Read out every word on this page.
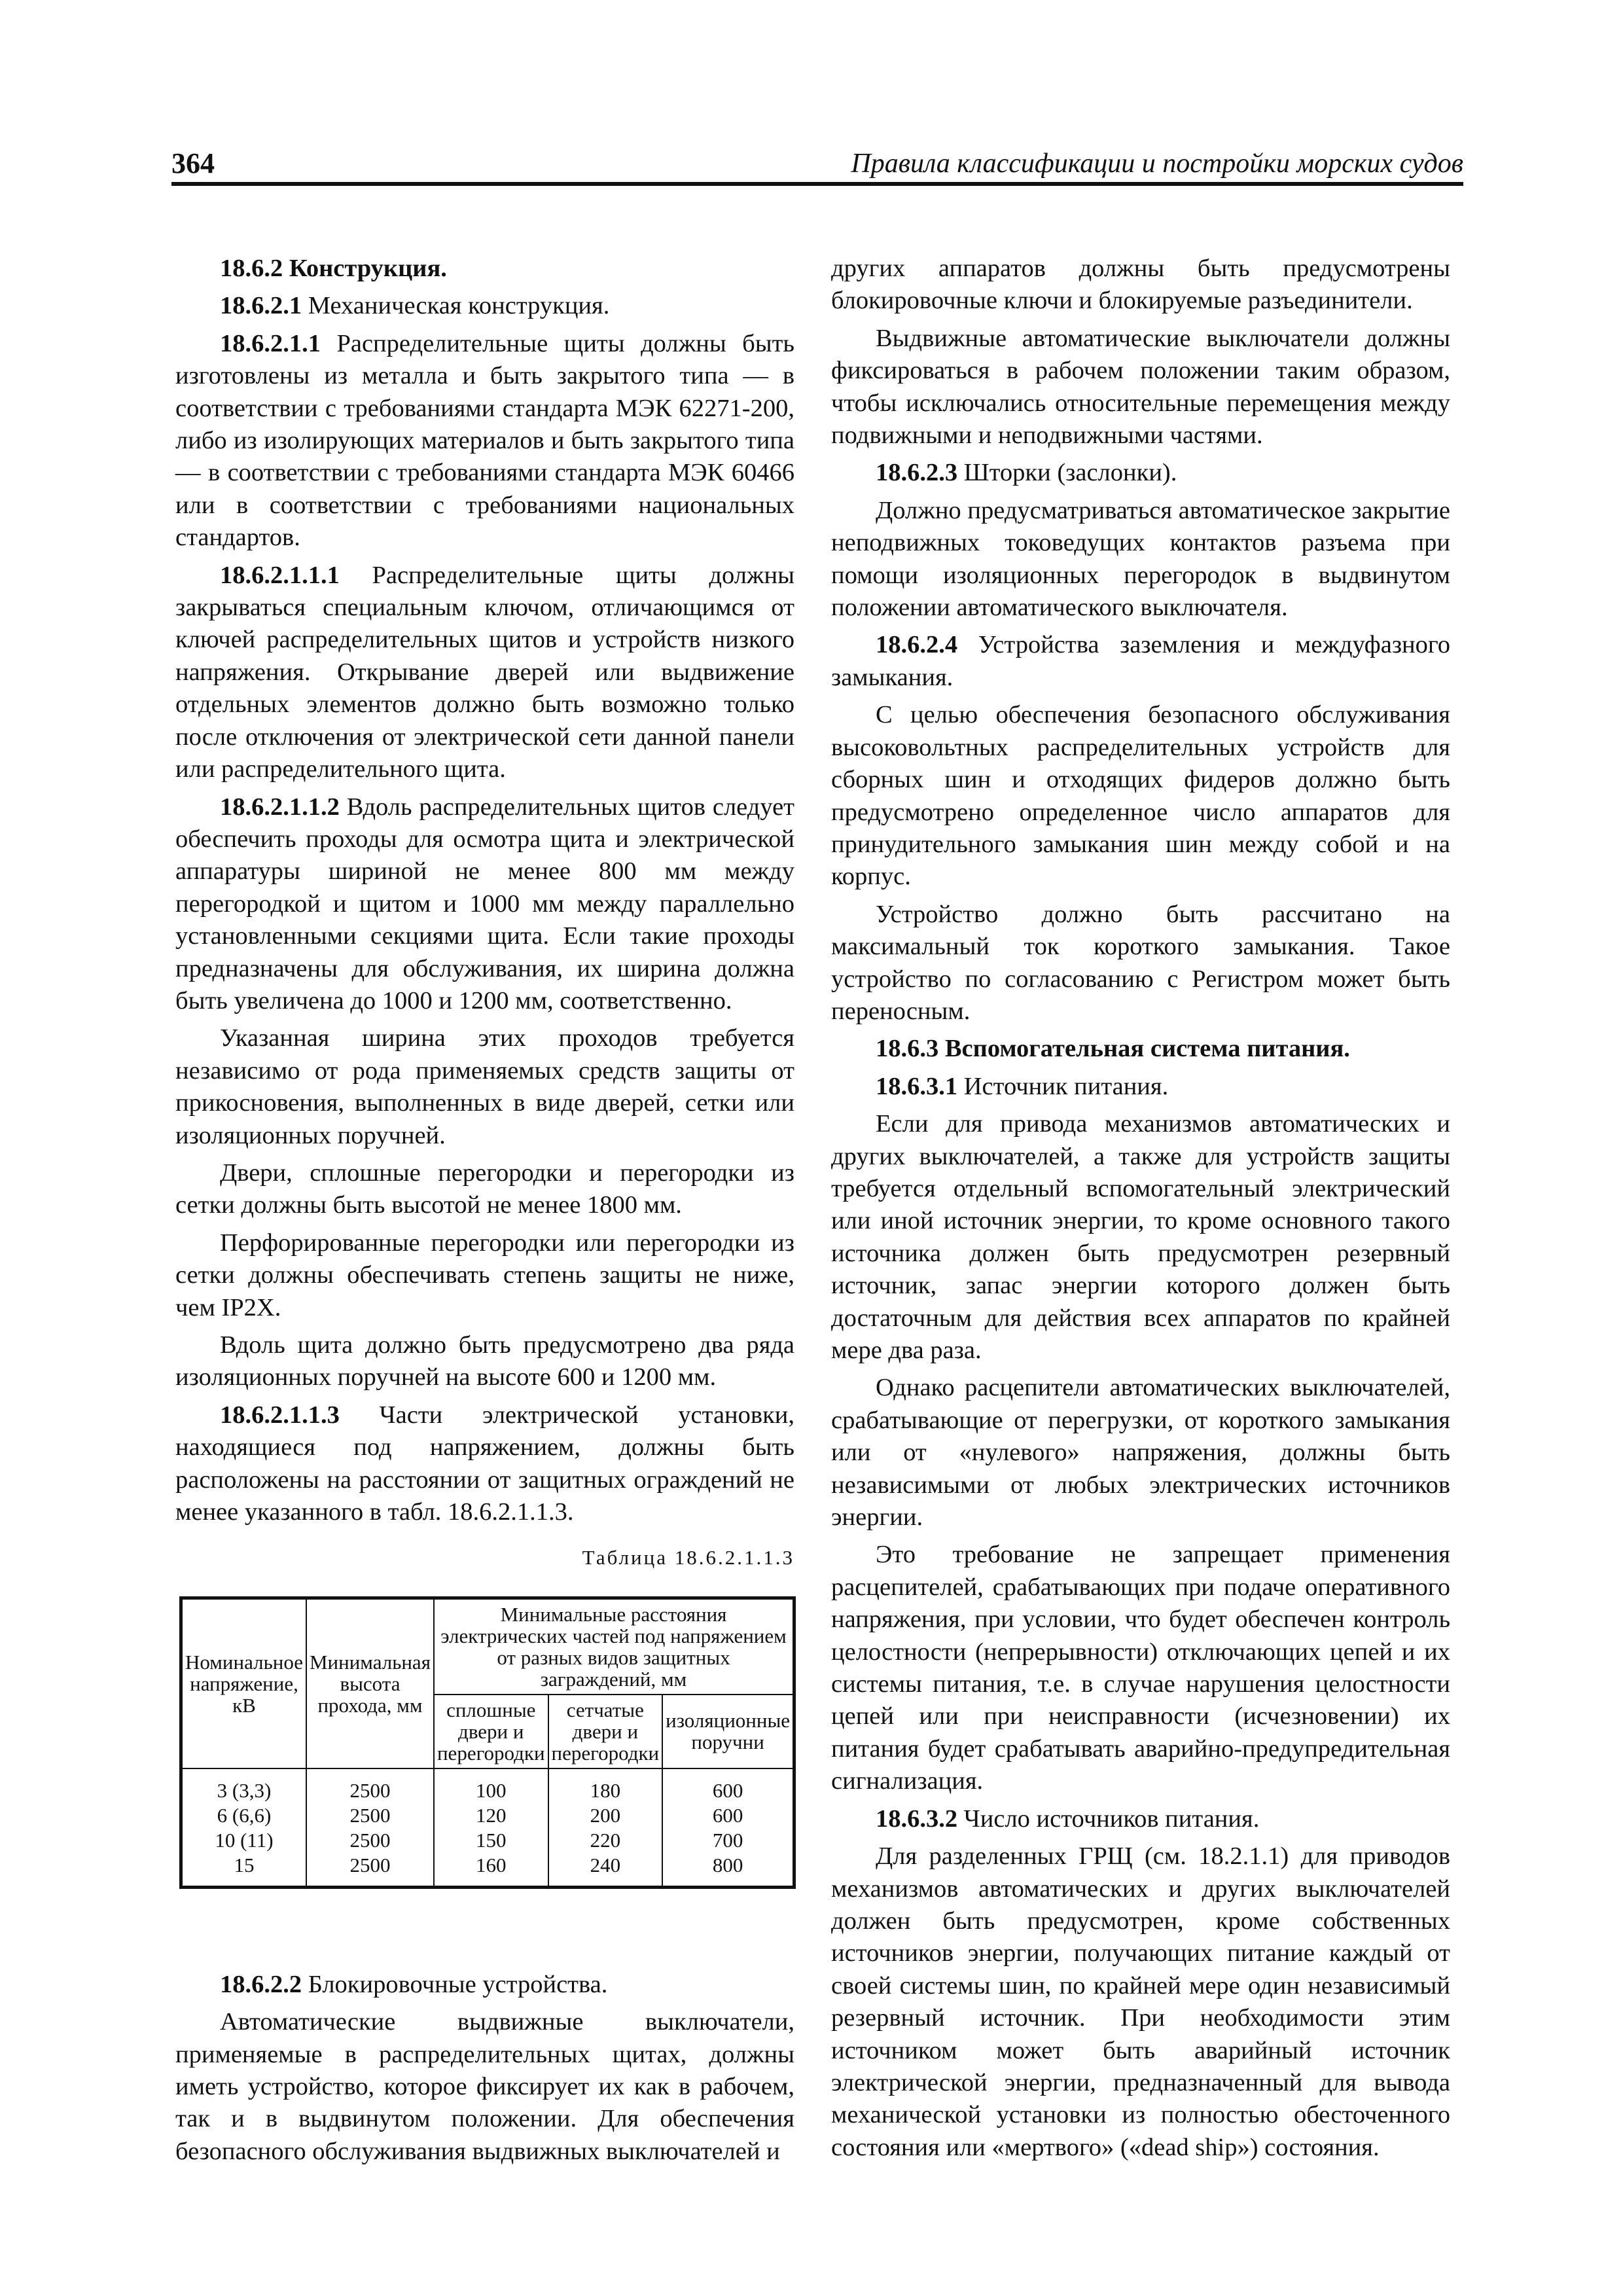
364	Правила классификации и постройки морских судов

18.6.2 Конструкция.

18.6.2.1 Механическая конструкция.

18.6.2.1.1 Распределительные щиты должны быть изготовлены из металла и быть закрытого типа — в соответствии с требованиями стандарта МЭК 62271-200, либо из изолирующих материалов и быть закрытого типа — в соответствии с требованиями стандарта МЭК 60466 или в соответствии с требованиями национальных стандартов.

18.6.2.1.1.1 Распределительные щиты должны закрываться специальным ключом, отличающимся от ключей распределительных щитов и устройств низкого напряжения. Открывание дверей или выдвижение отдельных элементов должно быть возможно только после отключения от электрической сети данной панели или распределительного щита.

18.6.2.1.1.2 Вдоль распределительных щитов следует обеспечить проходы для осмотра щита и электрической аппаратуры шириной не менее 800 мм между перегородкой и щитом и 1000 мм между параллельно установленными секциями щита. Если такие проходы предназначены для обслуживания, их ширина должна быть увеличена до 1000 и 1200 мм, соответственно.

Указанная ширина этих проходов требуется независимо от рода применяемых средств защиты от прикосновения, выполненных в виде дверей, сетки или изоляционных поручней.

Двери, сплошные перегородки и перегородки из сетки должны быть высотой не менее 1800 мм.

Перфорированные перегородки или перегородки из сетки должны обеспечивать степень защиты не ниже, чем IP2X.

Вдоль щита должно быть предусмотрено два ряда изоляционных поручней на высоте 600 и 1200 мм.

18.6.2.1.1.3 Части электрической установки, находящиеся под напряжением, должны быть расположены на расстоянии от защитных ограждений не менее указанного в табл. 18.6.2.1.1.3.

Таблица 18.6.2.1.1.3
Номинальное напряжение, кВ	Минимальная высота прохода, мм	Минимальные расстояния электрических частей под напряжением от разных видов защитных заграждений, мм		
		сплошные двери и перегородки	сетчатые двери и перегородки	изоляционные поручни
3 (3,3)	2500	100	180	600
6 (6,6)	2500	120	200	600
10 (11)	2500	150	220	700
15	2500	160	240	800

18.6.2.2 Блокировочные устройства.

Автоматические выдвижные выключатели, применяемые в распределительных щитах, должны иметь устройство, которое фиксирует их как в рабочем, так и в выдвинутом положении. Для обеспечения безопасного обслуживания выдвижных выключателей и

других аппаратов должны быть предусмотрены блокировочные ключи и блокируемые разъединители.

Выдвижные автоматические выключатели должны фиксироваться в рабочем положении таким образом, чтобы исключались относительные перемещения между подвижными и неподвижными частями.

18.6.2.3 Шторки (заслонки).

Должно предусматриваться автоматическое закрытие неподвижных токоведущих контактов разъема при помощи изоляционных перегородок в выдвинутом положении автоматического выключателя.

18.6.2.4 Устройства заземления и междуфазного замыкания.

С целью обеспечения безопасного обслуживания высоковольтных распределительных устройств для сборных шин и отходящих фидеров должно быть предусмотрено определенное число аппаратов для принудительного замыкания шин между собой и на корпус.

Устройство должно быть рассчитано на максимальный ток короткого замыкания. Такое устройство по согласованию с Регистром может быть переносным.

18.6.3 Вспомогательная система питания.

18.6.3.1 Источник питания.

Если для привода механизмов автоматических и других выключателей, а также для устройств защиты требуется отдельный вспомогательный электрический или иной источник энергии, то кроме основного такого источника должен быть предусмотрен резервный источник, запас энергии которого должен быть достаточным для действия всех аппаратов по крайней мере два раза.

Однако расцепители автоматических выключателей, срабатывающие от перегрузки, от короткого замыкания или от «нулевого» напряжения, должны быть независимыми от любых электрических источников энергии.

Это требование не запрещает применения расцепителей, срабатывающих при подаче оперативного напряжения, при условии, что будет обеспечен контроль целостности (непрерывности) отключающих цепей и их системы питания, т.е. в случае нарушения целостности цепей или при неисправности (исчезновении) их питания будет срабатывать аварийно-предупредительная сигнализация.

18.6.3.2 Число источников питания.

Для разделенных ГРЩ (см. 18.2.1.1) для приводов механизмов автоматических и других выключателей должен быть предусмотрен, кроме собственных источников энергии, получающих питание каждый от своей системы шин, по крайней мере один независимый резервный источник. При необходимости этим источником может быть аварийный источник электрической энергии, предназначенный для вывода механической установки из полностью обесточенного состояния или «мертвого» («dead ship») состояния.
